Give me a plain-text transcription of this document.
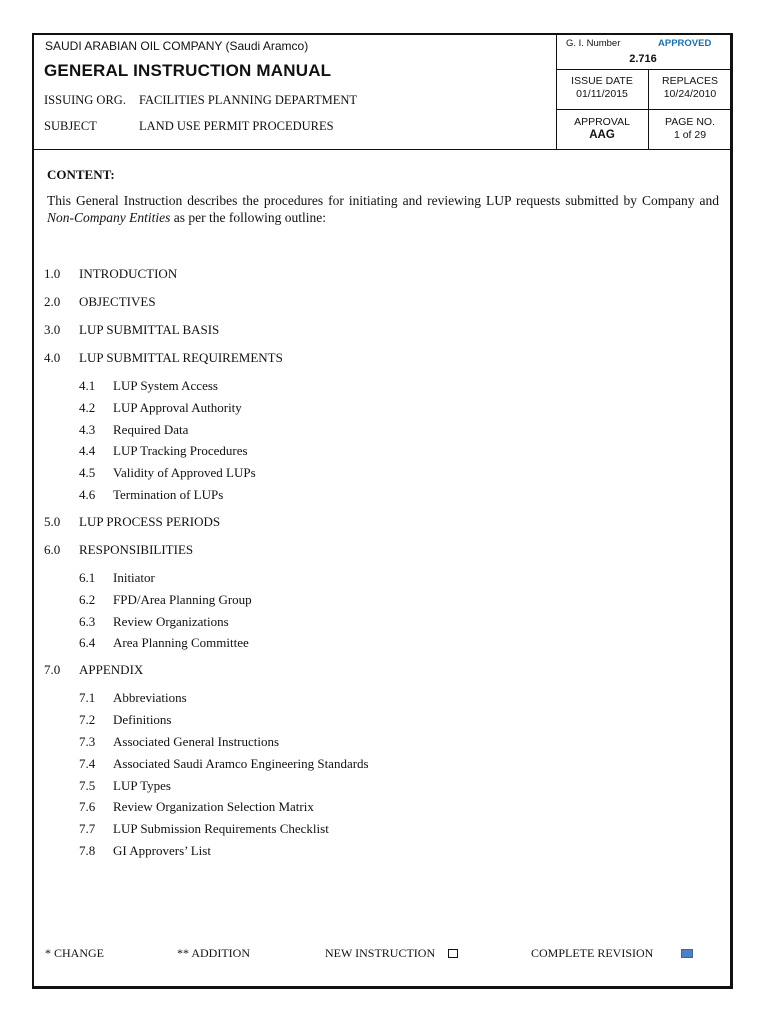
SAUDI ARABIAN OIL COMPANY (Saudi Aramco)
GENERAL INSTRUCTION MANUAL
ISSUING ORG. FACILITIES PLANNING DEPARTMENT
SUBJECT	LAND USE PERMIT PROCEDURES
G. I. Number	APPROVED
2.716
ISSUE DATE
01/11/2015
REPLACES
10/24/2010
APPROVAL
AAG
PAGE NO.
1 of 29
CONTENT:
This General Instruction describes the procedures for initiating and reviewing LUP requests submitted by Company and Non-Company Entities as per the following outline:
1.0 INTRODUCTION
2.0 OBJECTIVES
3.0 LUP SUBMITTAL BASIS
4.0 LUP SUBMITTAL REQUIREMENTS
4.1 LUP System Access
4.2 LUP Approval Authority
4.3 Required Data
4.4 LUP Tracking Procedures
4.5 Validity of Approved LUPs
4.6 Termination of LUPs
5.0 LUP PROCESS PERIODS
6.0 RESPONSIBILITIES
6.1 Initiator
6.2 FPD/Area Planning Group
6.3 Review Organizations
6.4 Area Planning Committee
7.0 APPENDIX
7.1 Abbreviations
7.2 Definitions
7.3 Associated General Instructions
7.4 Associated Saudi Aramco Engineering Standards
7.5 LUP Types
7.6 Review Organization Selection Matrix
7.7 LUP Submission Requirements Checklist
7.8 GI Approvers’ List
* CHANGE	** ADDITION	NEW INSTRUCTION	COMPLETE REVISION
